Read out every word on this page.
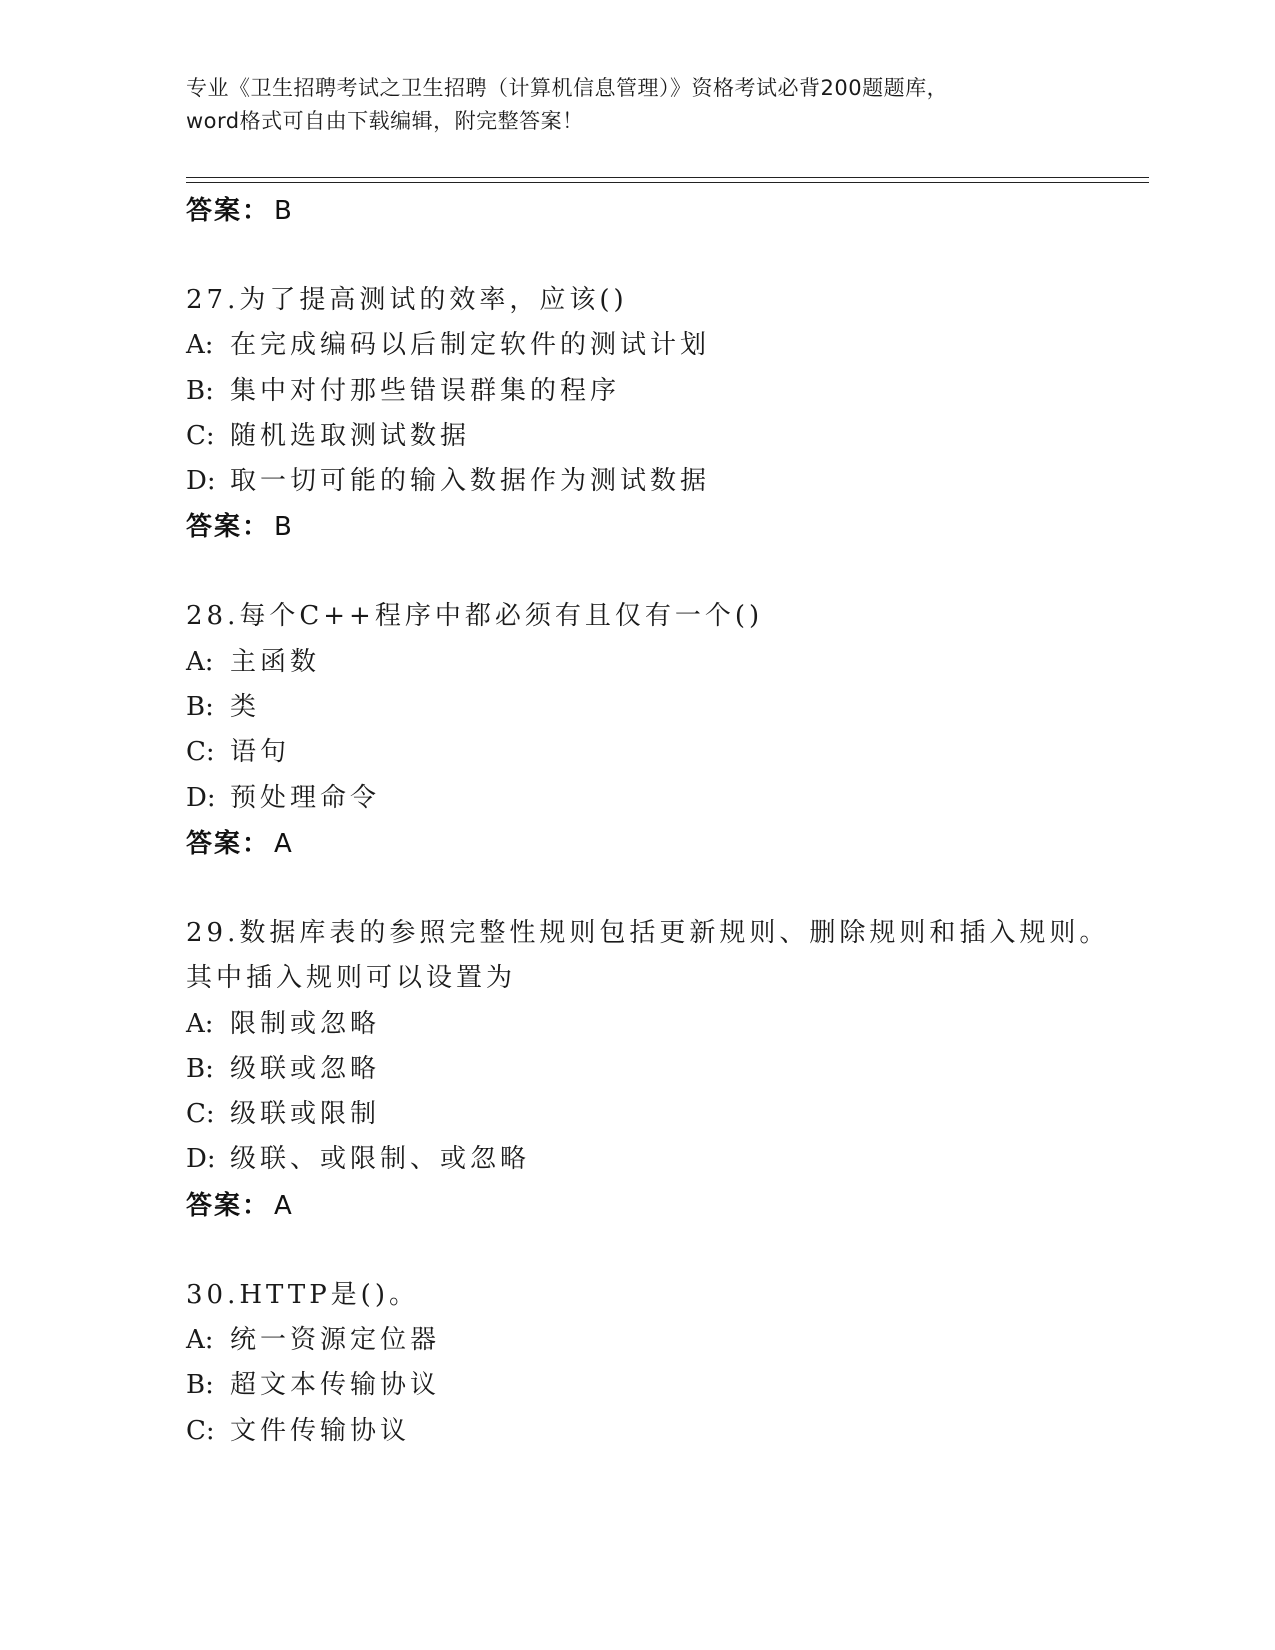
专业《卫生招聘考试之卫生招聘（计算机信息管理）》资格考试必背200题题库，
word格式可自由下载编辑，附完整答案！
答案： B
27.为了提高测试的效率，应该()
A: 在完成编码以后制定软件的测试计划
B: 集中对付那些错误群集的程序
C: 随机选取测试数据
D: 取一切可能的输入数据作为测试数据
答案： B
28.每个C++程序中都必须有且仅有一个()
A: 主函数
B: 类
C: 语句
D: 预处理命令
答案： A
29.数据库表的参照完整性规则包括更新规则、删除规则和插入规则。
其中插入规则可以设置为
A: 限制或忽略
B: 级联或忽略
C: 级联或限制
D: 级联、或限制、或忽略
答案： A
30.HTTP是()。
A: 统一资源定位器
B: 超文本传输协议
C: 文件传输协议
